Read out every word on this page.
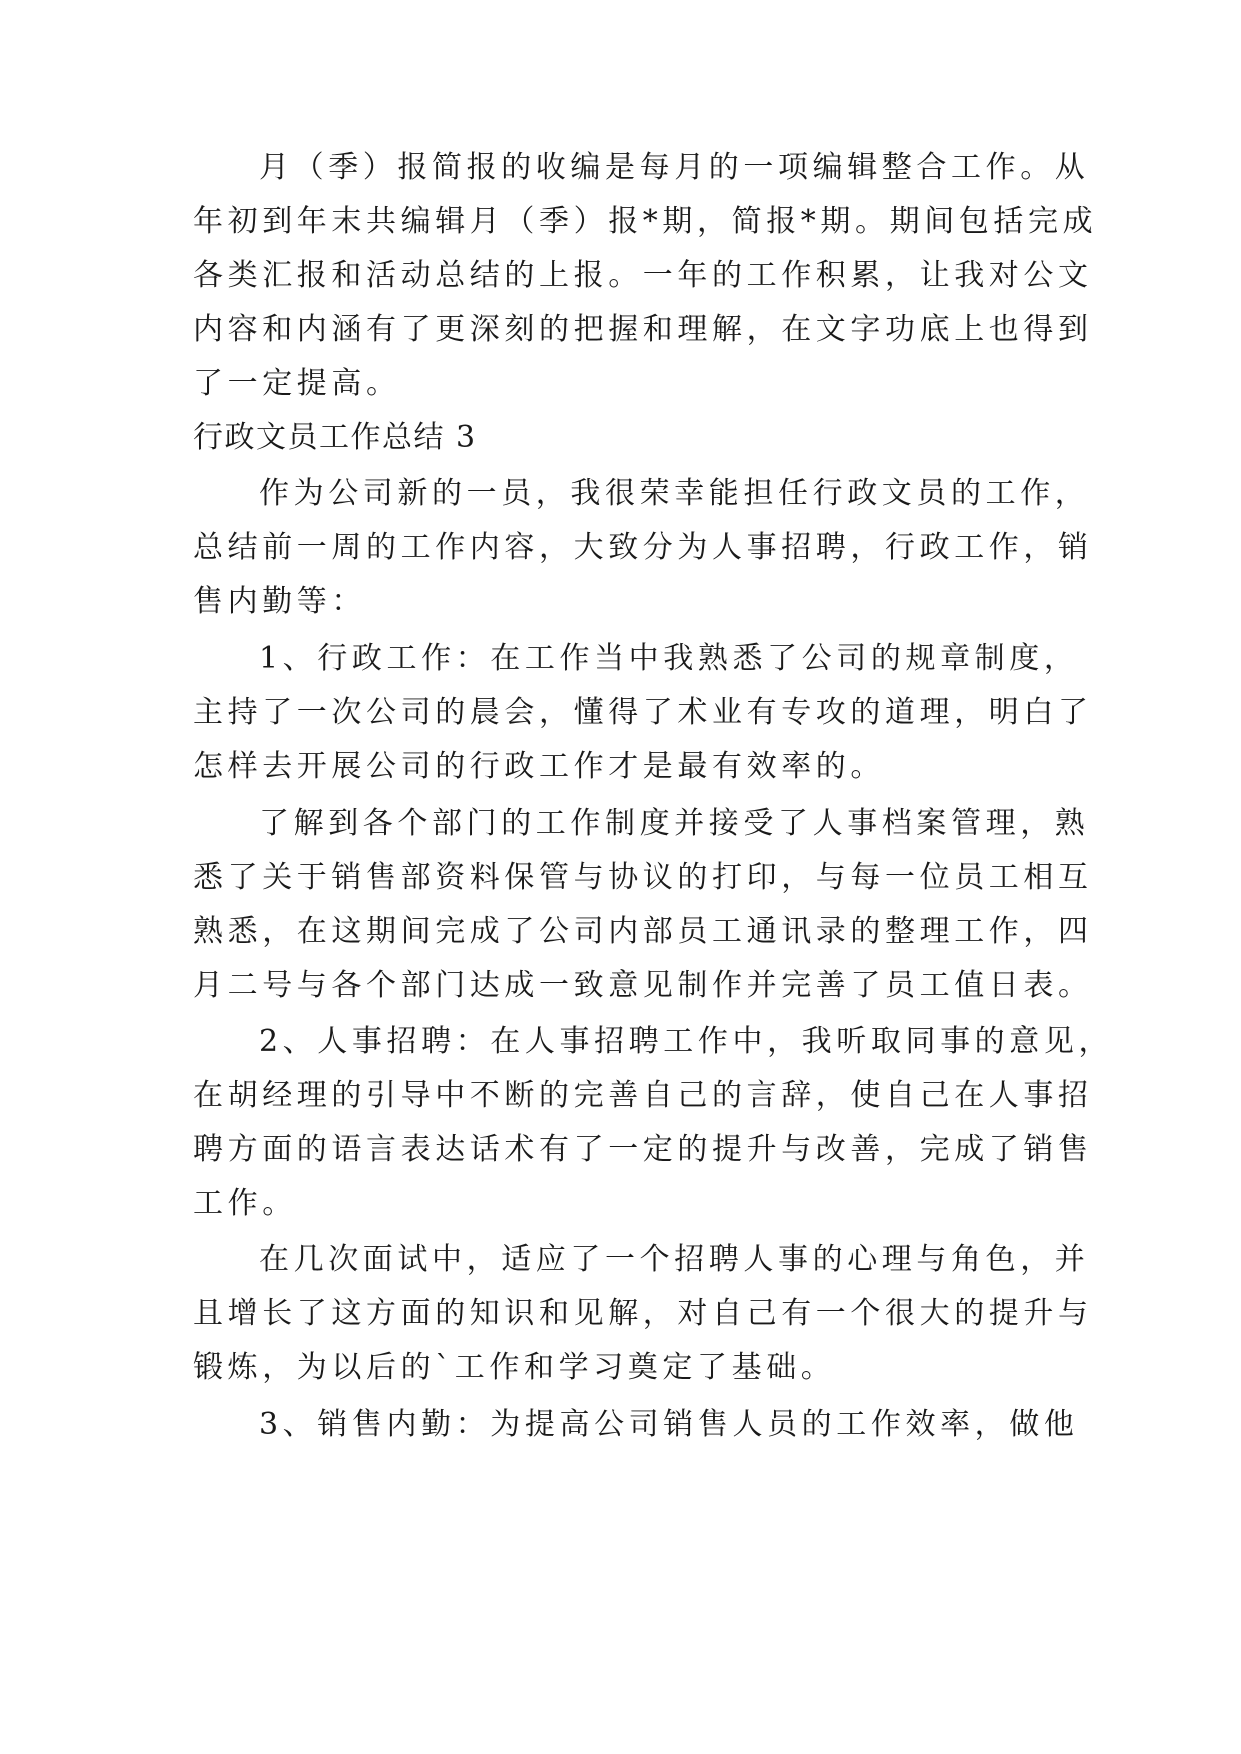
月（季）报简报的收编是每月的一项编辑整合工作。从
年初到年末共编辑月（季）报*期，简报*期。期间包括完成
各类汇报和活动总结的上报。一年的工作积累，让我对公文
内容和内涵有了更深刻的把握和理解，在文字功底上也得到
了一定提高。
行政文员工作总结 3
作为公司新的一员，我很荣幸能担任行政文员的工作，
总结前一周的工作内容，大致分为人事招聘，行政工作，销
售内勤等：
1、行政工作：在工作当中我熟悉了公司的规章制度，
主持了一次公司的晨会，懂得了术业有专攻的道理，明白了
怎样去开展公司的行政工作才是最有效率的。
了解到各个部门的工作制度并接受了人事档案管理，熟
悉了关于销售部资料保管与协议的打印，与每一位员工相互
熟悉，在这期间完成了公司内部员工通讯录的整理工作，四
月二号与各个部门达成一致意见制作并完善了员工值日表。
2、人事招聘：在人事招聘工作中，我听取同事的意见，
在胡经理的引导中不断的完善自己的言辞，使自己在人事招
聘方面的语言表达话术有了一定的提升与改善，完成了销售
工作。
在几次面试中，适应了一个招聘人事的心理与角色，并
且增长了这方面的知识和见解，对自己有一个很大的提升与
锻炼，为以后的`工作和学习奠定了基础。
3、销售内勤：为提高公司销售人员的工作效率，做他
